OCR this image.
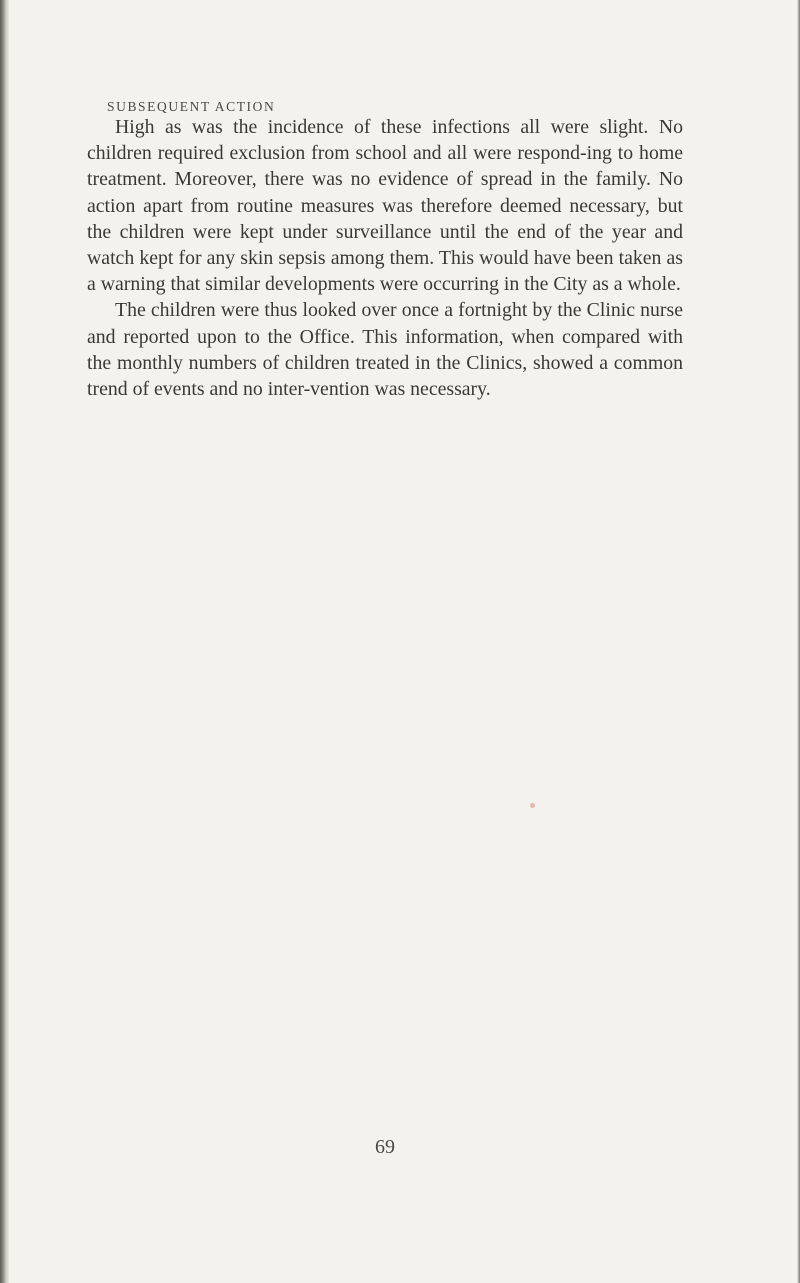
SUBSEQUENT ACTION

High as was the incidence of these infections all were slight. No children required exclusion from school and all were respond-ing to home treatment. Moreover, there was no evidence of spread in the family. No action apart from routine measures was therefore deemed necessary, but the children were kept under surveillance until the end of the year and watch kept for any skin sepsis among them. This would have been taken as a warning that similar developments were occurring in the City as a whole.

The children were thus looked over once a fortnight by the Clinic nurse and reported upon to the Office. This information, when compared with the monthly numbers of children treated in the Clinics, showed a common trend of events and no inter-vention was necessary.

69
